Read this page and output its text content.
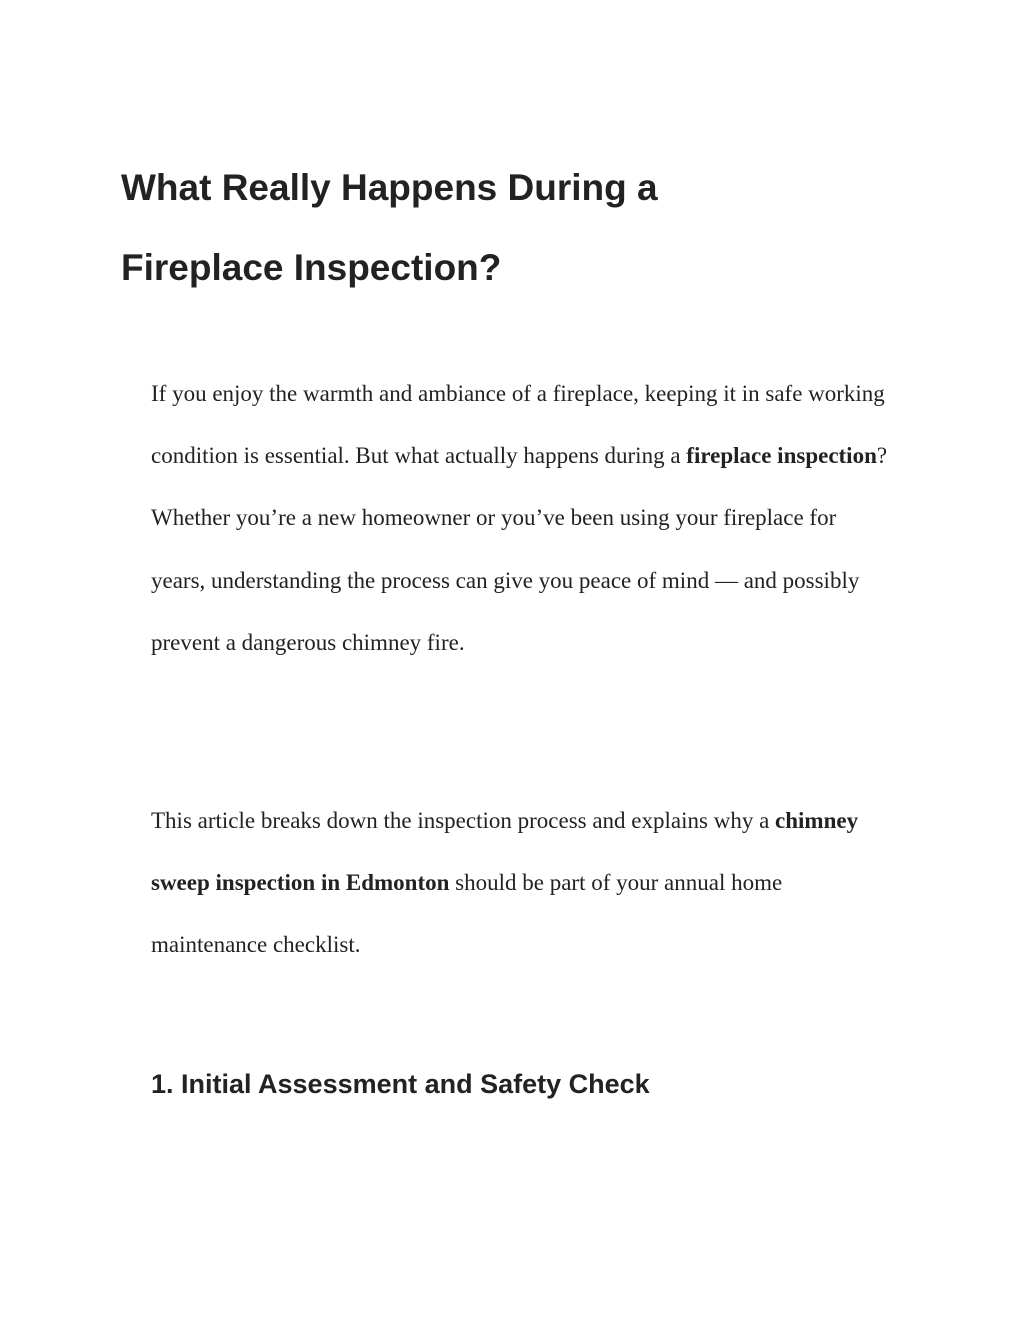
What Really Happens During a
Fireplace Inspection?

If you enjoy the warmth and ambiance of a fireplace, keeping it in safe working condition is essential. But what actually happens during a fireplace inspection? Whether you’re a new homeowner or you’ve been using your fireplace for years, understanding the process can give you peace of mind — and possibly prevent a dangerous chimney fire.

This article breaks down the inspection process and explains why a chimney sweep inspection in Edmonton should be part of your annual home maintenance checklist.

1. Initial Assessment and Safety Check
